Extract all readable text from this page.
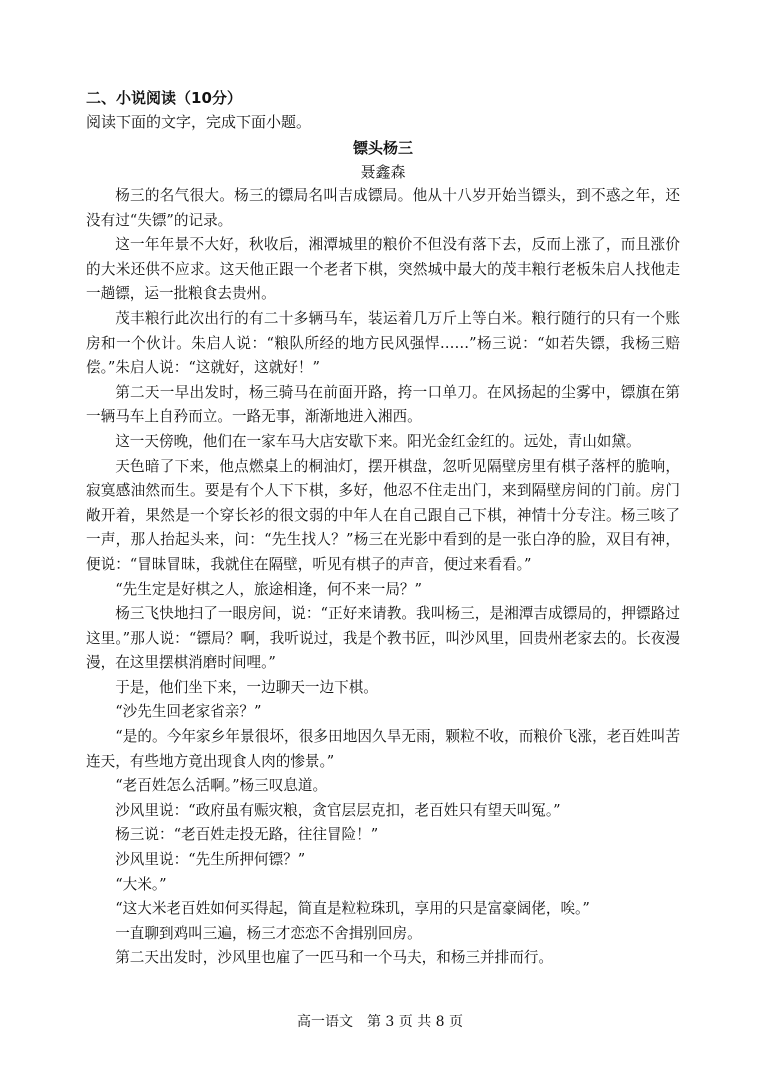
二、小说阅读（10分）

阅读下面的文字，完成下面小题。

镖头杨三

聂鑫森

杨三的名气很大。杨三的镖局名叫吉成镖局。他从十八岁开始当镖头，到不惑之年，还没有过“失镖”的记录。

这一年年景不大好，秋收后，湘潭城里的粮价不但没有落下去，反而上涨了，而且涨价的大米还供不应求。这天他正跟一个老者下棋，突然城中最大的茂丰粮行老板朱启人找他走一趟镖，运一批粮食去贵州。

茂丰粮行此次出行的有二十多辆马车，装运着几万斤上等白米。粮行随行的只有一个账房和一个伙计。朱启人说：“粮队所经的地方民风强悍……”杨三说：“如若失镖，我杨三赔偿。”朱启人说：“这就好，这就好！”

第二天一早出发时，杨三骑马在前面开路，挎一口单刀。在风扬起的尘雾中，镖旗在第一辆马车上自矜而立。一路无事，渐渐地进入湘西。

这一天傍晚，他们在一家车马大店安歇下来。阳光金红金红的。远处，青山如黛。

天色暗了下来，他点燃桌上的桐油灯，摆开棋盘，忽听见隔壁房里有棋子落枰的脆响，寂寞感油然而生。要是有个人下下棋，多好，他忍不住走出门，来到隔壁房间的门前。房门敞开着，果然是一个穿长衫的很文弱的中年人在自己跟自己下棋，神情十分专注。杨三咳了一声，那人抬起头来，问：“先生找人？”杨三在光影中看到的是一张白净的脸，双目有神，便说：“冒昧冒昧，我就住在隔壁，听见有棋子的声音，便过来看看。”

“先生定是好棋之人，旅途相逢，何不来一局？”

杨三飞快地扫了一眼房间，说：“正好来请教。我叫杨三，是湘潭吉成镖局的，押镖路过这里。”那人说：“镖局？啊，我听说过，我是个教书匠，叫沙风里，回贵州老家去的。长夜漫漫，在这里摆棋消磨时间哩。”

于是，他们坐下来，一边聊天一边下棋。

“沙先生回老家省亲？”

“是的。今年家乡年景很坏，很多田地因久旱无雨，颗粒不收，而粮价飞涨，老百姓叫苦连天，有些地方竟出现食人肉的惨景。”

“老百姓怎么活啊。”杨三叹息道。

沙风里说：“政府虽有赈灾粮，贪官层层克扣，老百姓只有望天叫冤。”

杨三说：“老百姓走投无路，往往冒险！”

沙风里说：“先生所押何镖？”

“大米。”

“这大米老百姓如何买得起，简直是粒粒珠玑，享用的只是富豪阔佬，唉。”

一直聊到鸡叫三遍，杨三才恋恋不舍揖别回房。

第二天出发时，沙风里也雇了一匹马和一个马夫，和杨三并排而行。

高一语文　第 3 页 共 8 页
